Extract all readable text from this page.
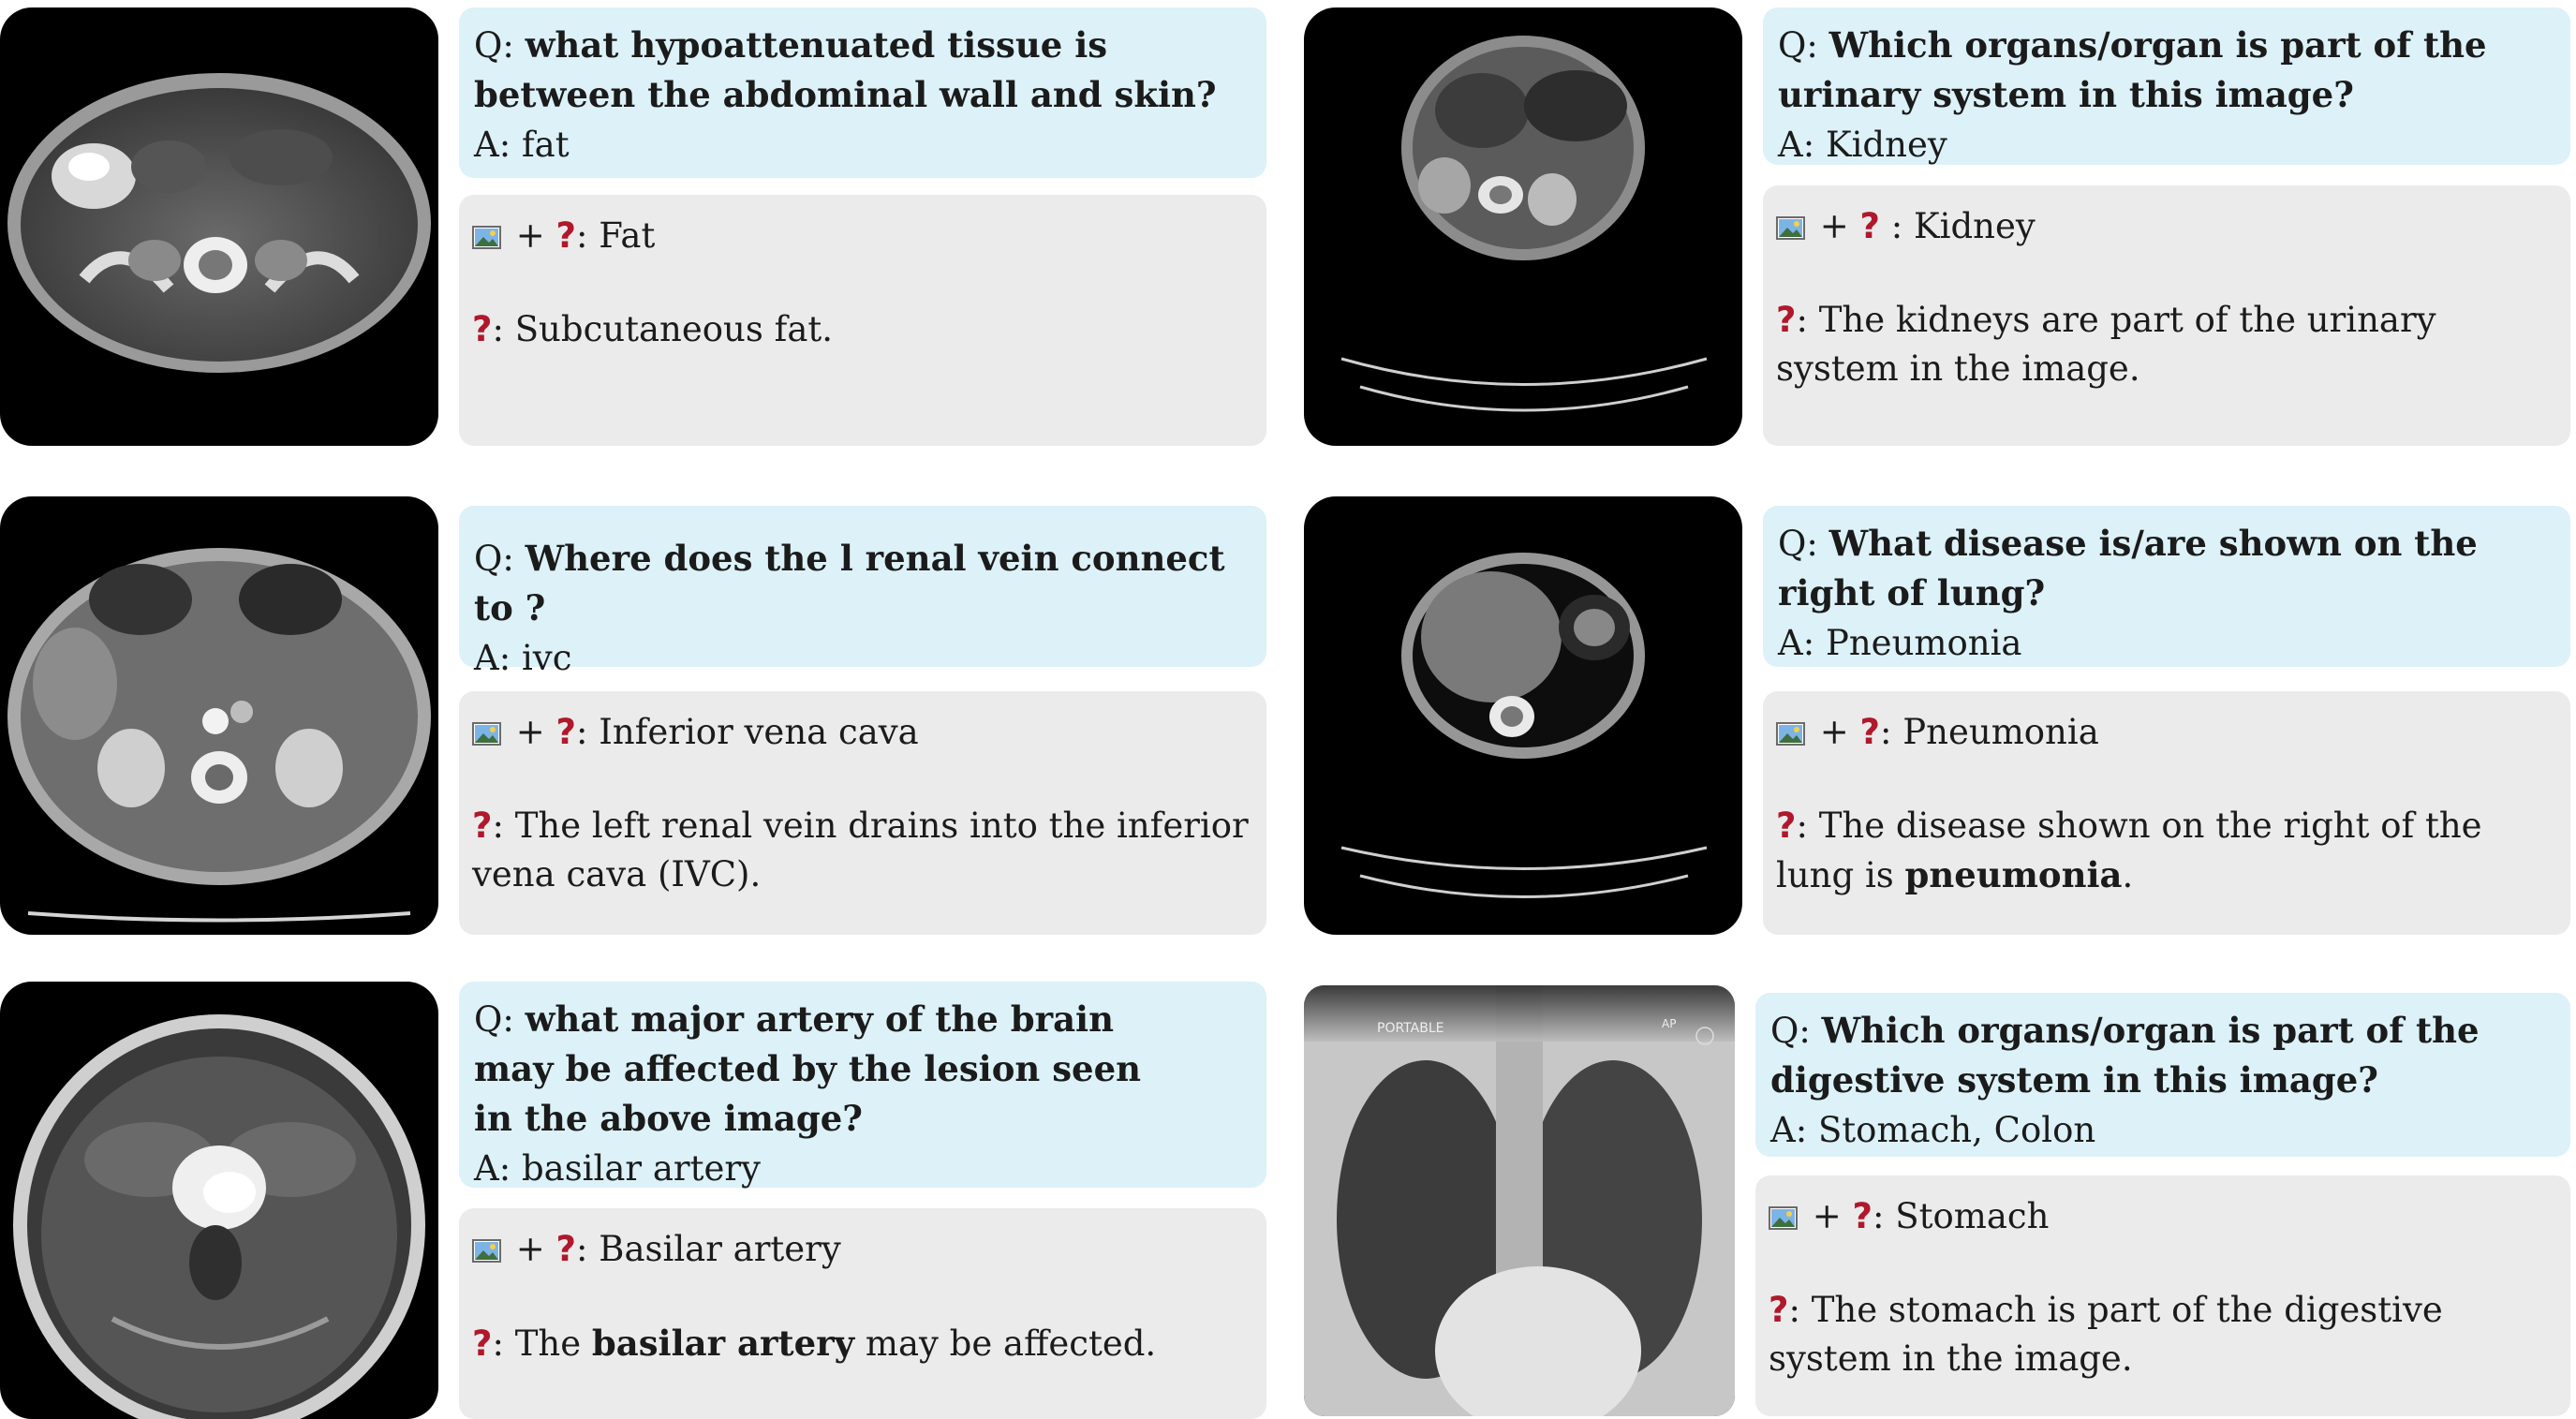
Q: what hypoattenuated tissue is between the abdominal wall and skin?
A: fat
+ ?: Fat
?: Subcutaneous fat.
Q: Which organs/organ is part of the urinary system in this image?
A: Kidney
+ ? : Kidney
?: The kidneys are part of the urinary system in the image.
Q: Where does the l renal vein connect to ?
A: ivc
+ ?: Inferior vena cava
?: The left renal vein drains into the inferior vena cava (IVC).
Q: What disease is/are shown on the right of lung?
A: Pneumonia
+ ?: Pneumonia
?: The disease shown on the right of the lung is pneumonia.
Q: what major artery of the brain may be affected by the lesion seen in the above image?
A: basilar artery
+ ?: Basilar artery
?: The basilar artery may be affected.
PORTABLE	AP	Q: Which organs/organ is part of the digestive system in this image?
A: Stomach, Colon
+ ?: Stomach
?: The stomach is part of the digestive system in the image.
